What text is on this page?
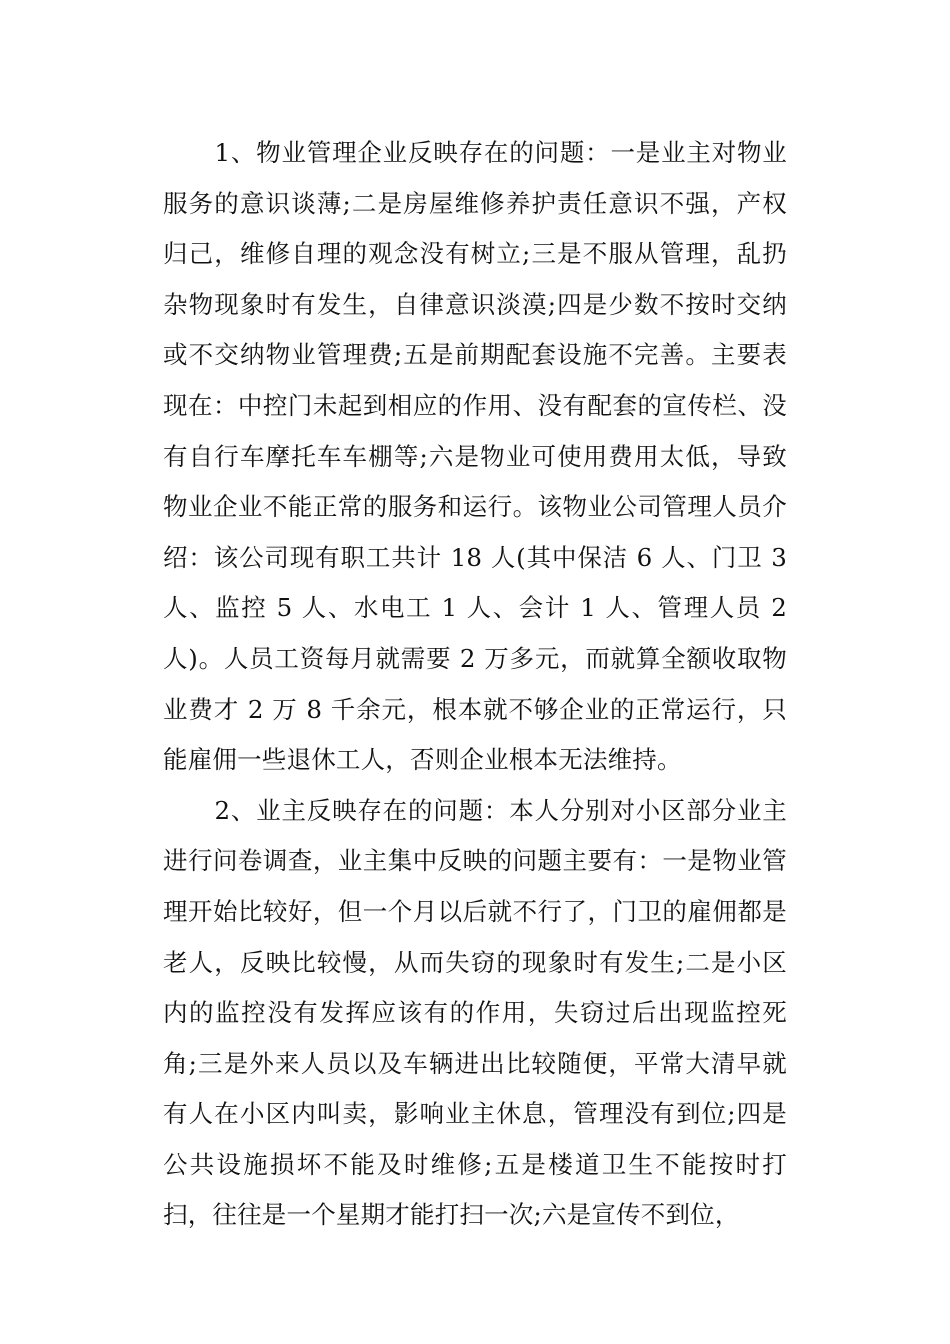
1、物业管理企业反映存在的问题：一是业主对物业服务的意识谈薄;二是房屋维修养护责任意识不强，产权归己，维修自理的观念没有树立;三是不服从管理，乱扔杂物现象时有发生，自律意识淡漠;四是少数不按时交纳或不交纳物业管理费;五是前期配套设施不完善。主要表现在：中控门未起到相应的作用、没有配套的宣传栏、没有自行车摩托车车棚等;六是物业可使用费用太低，导致物业企业不能正常的服务和运行。该物业公司管理人员介绍：该公司现有职工共计 18 人(其中保洁 6 人、门卫 3 人、监控 5 人、水电工 1 人、会计 1 人、管理人员 2 人)。人员工资每月就需要 2 万多元，而就算全额收取物业费才 2 万 8 千余元，根本就不够企业的正常运行，只能雇佣一些退休工人，否则企业根本无法维持。

2、业主反映存在的问题：本人分别对小区部分业主进行问卷调查，业主集中反映的问题主要有：一是物业管理开始比较好，但一个月以后就不行了，门卫的雇佣都是老人，反映比较慢，从而失窃的现象时有发生;二是小区内的监控没有发挥应该有的作用，失窃过后出现监控死角;三是外来人员以及车辆进出比较随便，平常大清早就有人在小区内叫卖，影响业主休息，管理没有到位;四是公共设施损坏不能及时维修;五是楼道卫生不能按时打扫，往往是一个星期才能打扫一次;六是宣传不到位，
